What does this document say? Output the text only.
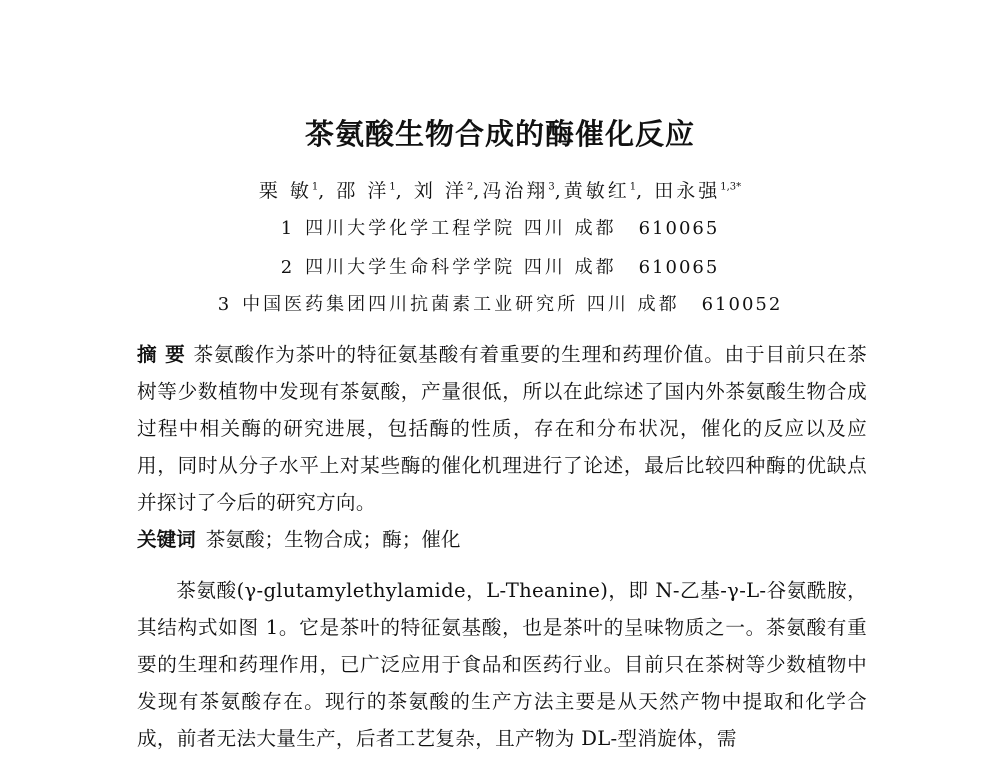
茶氨酸生物合成的酶催化反应
栗 敏$^1$, 邵 洋$^1$, 刘 洋$^2$,冯治翔$^3$,黄敏红$^1$, 田永强$^{1,3*}$
1 四川大学化学工程学院 四川 成都 610065
2 四川大学生命科学学院 四川 成都 610065
3 中国医药集团四川抗菌素工业研究所 四川 成都 610052
摘 要 茶氨酸作为茶叶的特征氨基酸有着重要的生理和药理价值。由于目前只在茶树等少数植物中发现有茶氨酸，产量很低，所以在此综述了国内外茶氨酸生物合成过程中相关酶的研究进展，包括酶的性质，存在和分布状况，催化的反应以及应用，同时从分子水平上对某些酶的催化机理进行了论述，最后比较四种酶的优缺点并探讨了今后的研究方向。
关键词 茶氨酸；生物合成；酶；催化
茶氨酸(γ-glutamylethylamide，L-Theanine)，即 N-乙基-γ-L-谷氨酰胺，其结构式如图 1。它是茶叶的特征氨基酸，也是茶叶的呈味物质之一。茶氨酸有重要的生理和药理作用，已广泛应用于食品和医药行业。目前只在茶树等少数植物中发现有茶氨酸存在。现行的茶氨酸的生产方法主要是从天然产物中提取和化学合成，前者无法大量生产，后者工艺复杂，且产物为 DL-型消旋体，需
